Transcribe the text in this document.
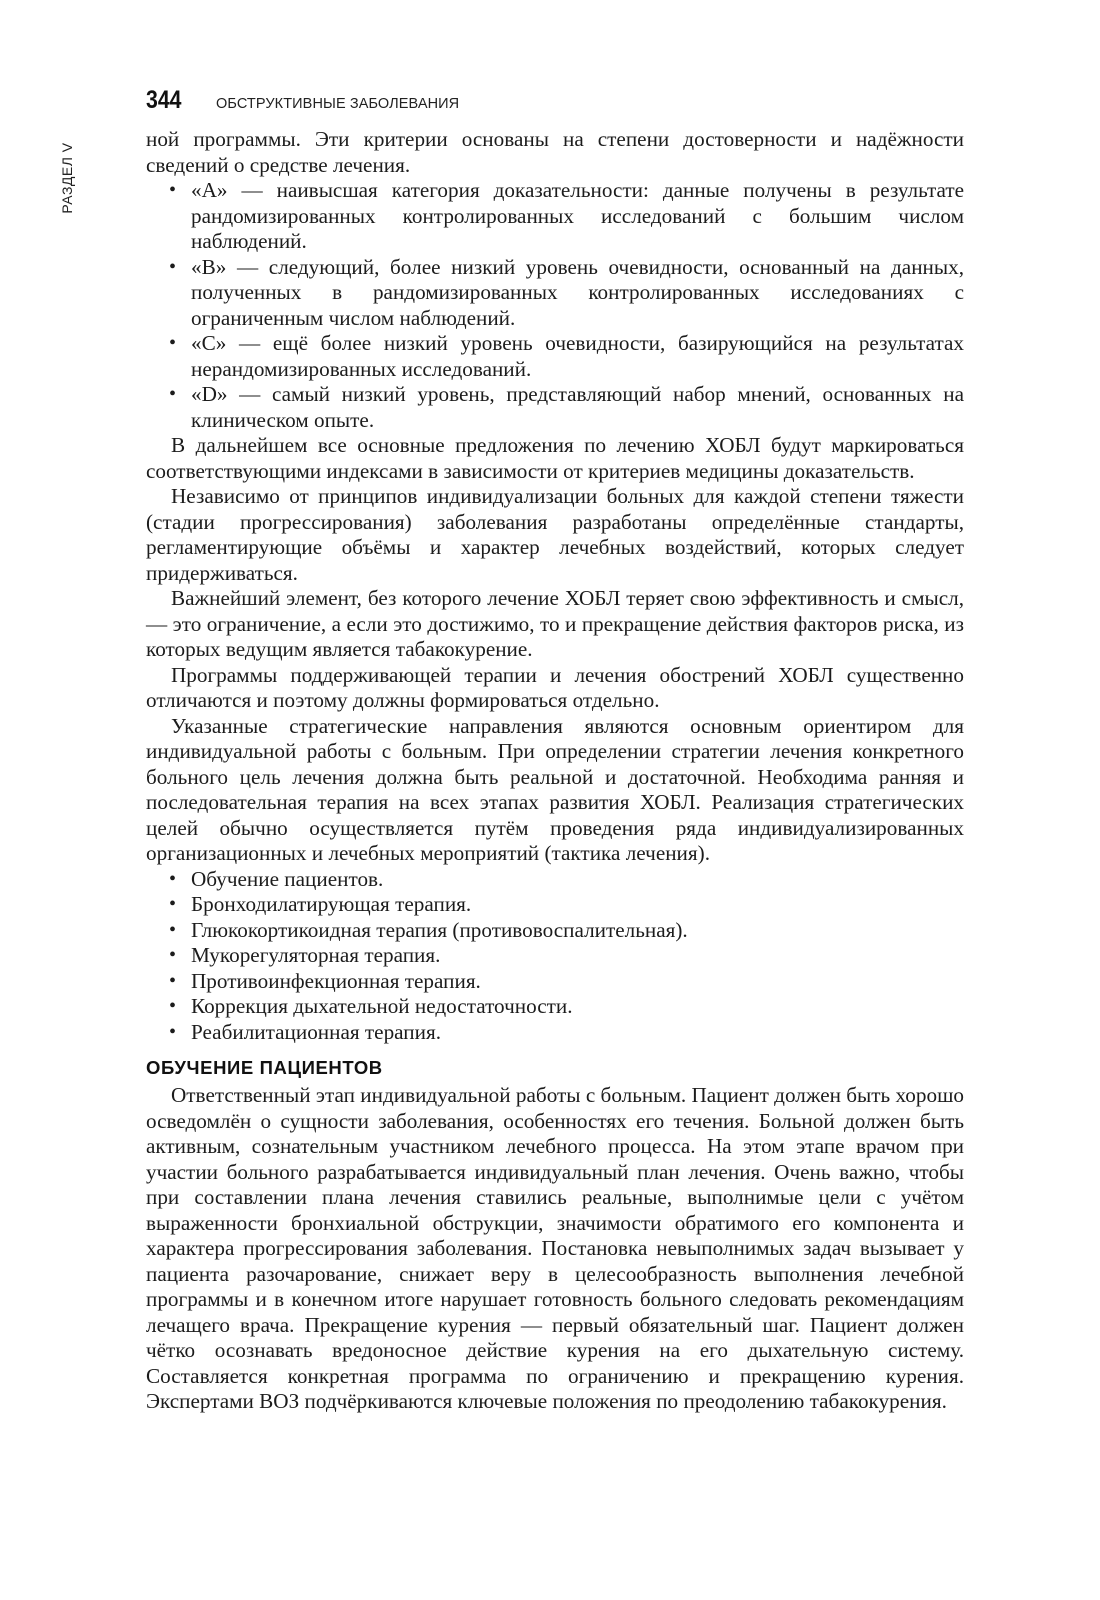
РАЗДЕЛ V
344	ОБСТРУКТИВНЫЕ ЗАБОЛЕВАНИЯ

ной программы. Эти критерии основаны на степени достоверности и надёжности сведений о средстве лечения.

• «A» — наивысшая категория доказательности: данные получены в результате рандомизированных контролированных исследований с большим числом наблюдений.
• «B» — следующий, более низкий уровень очевидности, основанный на данных, полученных в рандомизированных контролированных исследованиях с ограниченным числом наблюдений.
• «C» — ещё более низкий уровень очевидности, базирующийся на результатах нерандомизированных исследований.
• «D» — самый низкий уровень, представляющий набор мнений, основанных на клиническом опыте.

В дальнейшем все основные предложения по лечению ХОБЛ будут маркироваться соответствующими индексами в зависимости от критериев медицины доказательств.

Независимо от принципов индивидуализации больных для каждой степени тяжести (стадии прогрессирования) заболевания разработаны определённые стандарты, регламентирующие объёмы и характер лечебных воздействий, которых следует придерживаться.

Важнейший элемент, без которого лечение ХОБЛ теряет свою эффективность и смысл, — это ограничение, а если это достижимо, то и прекращение действия факторов риска, из которых ведущим является табакокурение.

Программы поддерживающей терапии и лечения обострений ХОБЛ существенно отличаются и поэтому должны формироваться отдельно.

Указанные стратегические направления являются основным ориентиром для индивидуальной работы с больным. При определении стратегии лечения конкретного больного цель лечения должна быть реальной и достаточной. Необходима ранняя и последовательная терапия на всех этапах развития ХОБЛ. Реализация стратегических целей обычно осуществляется путём проведения ряда индивидуализированных организационных и лечебных мероприятий (тактика лечения).

• Обучение пациентов.
• Бронходилатирующая терапия.
• Глюкокортикоидная терапия (противовоспалительная).
• Мукорегуляторная терапия.
• Противоинфекционная терапия.
• Коррекция дыхательной недостаточности.
• Реабилитационная терапия.
ОБУЧЕНИЕ ПАЦИЕНТОВ

Ответственный этап индивидуальной работы с больным. Пациент должен быть хорошо осведомлён о сущности заболевания, особенностях его течения. Больной должен быть активным, сознательным участником лечебного процесса. На этом этапе врачом при участии больного разрабатывается индивидуальный план лечения. Очень важно, чтобы при составлении плана лечения ставились реальные, выполнимые цели с учётом выраженности бронхиальной обструкции, значимости обратимого его компонента и характера прогрессирования заболевания. Постановка невыполнимых задач вызывает у пациента разочарование, снижает веру в целесообразность выполнения лечебной программы и в конечном итоге нарушает готовность больного следовать рекомендациям лечащего врача. Прекращение курения — первый обязательный шаг. Пациент должен чётко осознавать вредоносное действие курения на его дыхательную систему. Составляется конкретная программа по ограничению и прекращению курения. Экспертами ВОЗ подчёркиваются ключевые положения по преодолению табакокурения.
